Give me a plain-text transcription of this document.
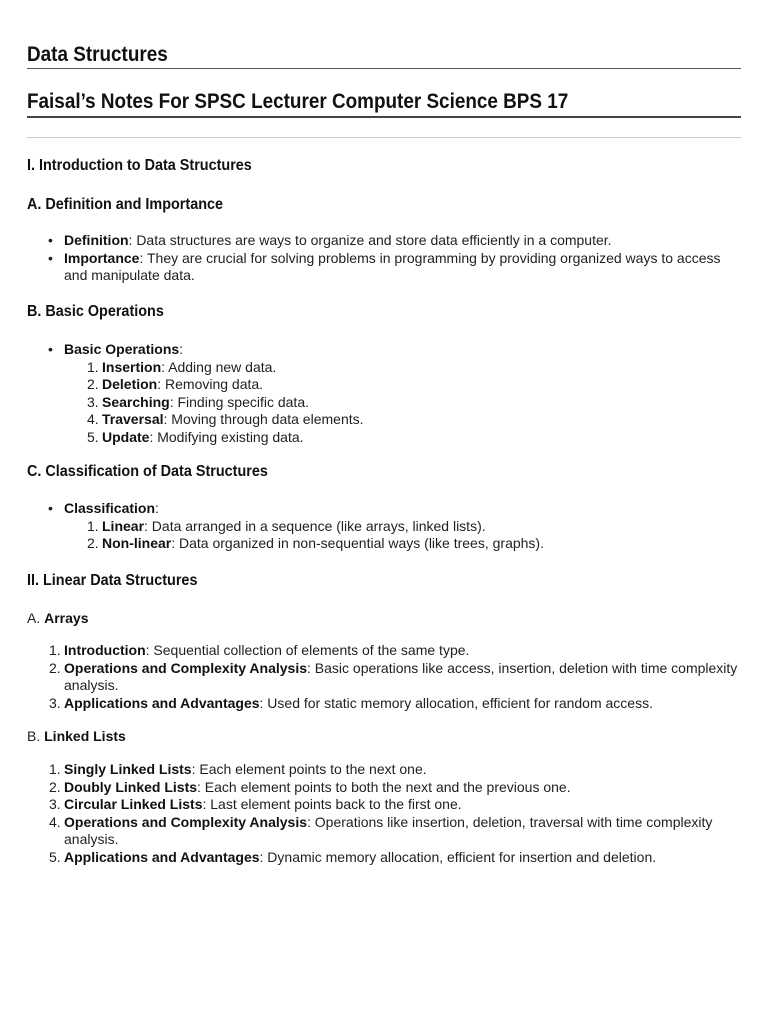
Data Structures
Faisal’s Notes For SPSC Lecturer Computer Science BPS 17
I. Introduction to Data Structures
A. Definition and Importance
• Definition: Data structures are ways to organize and store data efficiently in a computer.
• Importance: They are crucial for solving problems in programming by providing organized ways to access and manipulate data.
B. Basic Operations
• Basic Operations:
1. Insertion: Adding new data.
2. Deletion: Removing data.
3. Searching: Finding specific data.
4. Traversal: Moving through data elements.
5. Update: Modifying existing data.
C. Classification of Data Structures
• Classification:
1. Linear: Data arranged in a sequence (like arrays, linked lists).
2. Non-linear: Data organized in non-sequential ways (like trees, graphs).
II. Linear Data Structures

A. Arrays

1. Introduction: Sequential collection of elements of the same type.
2. Operations and Complexity Analysis: Basic operations like access, insertion, deletion with time complexity analysis.
3. Applications and Advantages: Used for static memory allocation, efficient for random access.

B. Linked Lists

1. Singly Linked Lists: Each element points to the next one.
2. Doubly Linked Lists: Each element points to both the next and the previous one.
3. Circular Linked Lists: Last element points back to the first one.
4. Operations and Complexity Analysis: Operations like insertion, deletion, traversal with time complexity analysis.
5. Applications and Advantages: Dynamic memory allocation, efficient for insertion and deletion.
